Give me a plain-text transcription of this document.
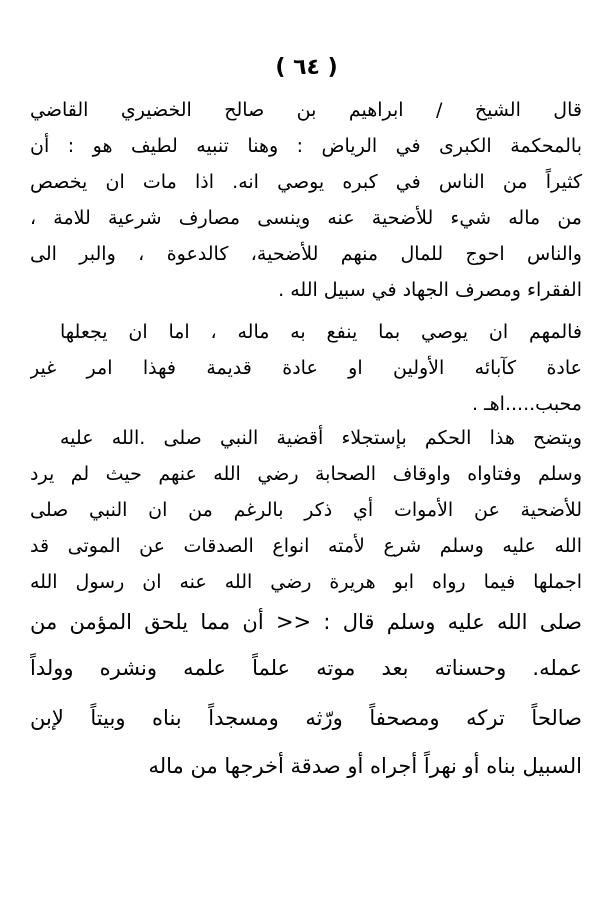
( ٦٤ )
قال الشيخ / ابراهيم بن صالح الخضيري القاضي
بالمحكمة الكبرى في الرياض : وهنا تنبيه لطيف هو : أن
كثيراً من الناس في كبره يوصي انه. اذا مات ان يخصص
من ماله شيء للأضحية عنه وينسى مصارف شرعية للامة ،
والناس احوج للمال منهم للأضحية، كالدعوة ، والبر الى
الفقراء ومصرف الجهاد في سبيل الله .
فالمهم ان يوصي بما ينفع به ماله ، اما ان يجعلها
عادة كآبائه الأولين او عادة قديمة فهذا امر غير
محبب.....اهـ .
ويتضح هذا الحكم بإستجلاء أقضية النبي صلى .الله عليه
وسلم وفتاواه واوقاف الصحابة رضي الله عنهم حيث لم يرد
للأضحية عن الأموات أي ذكر بالرغم من ان النبي صلى
الله عليه وسلم شرع لأمته انواع الصدقات عن الموتى قد
اجملها فيما رواه ابو هريرة رضي الله عنه ان رسول الله
صلى الله عليه وسلم قال : << أن مما يلحق المؤمن من
عمله. وحسناته بعد موته علماً علمه ونشره وولداً
صالحاً تركه ومصحفاً ورّثه ومسجداً بناه وبيتاً لإبن
السبيل بناه أو نهراً أجراه أو صدقة أخرجها من ماله
